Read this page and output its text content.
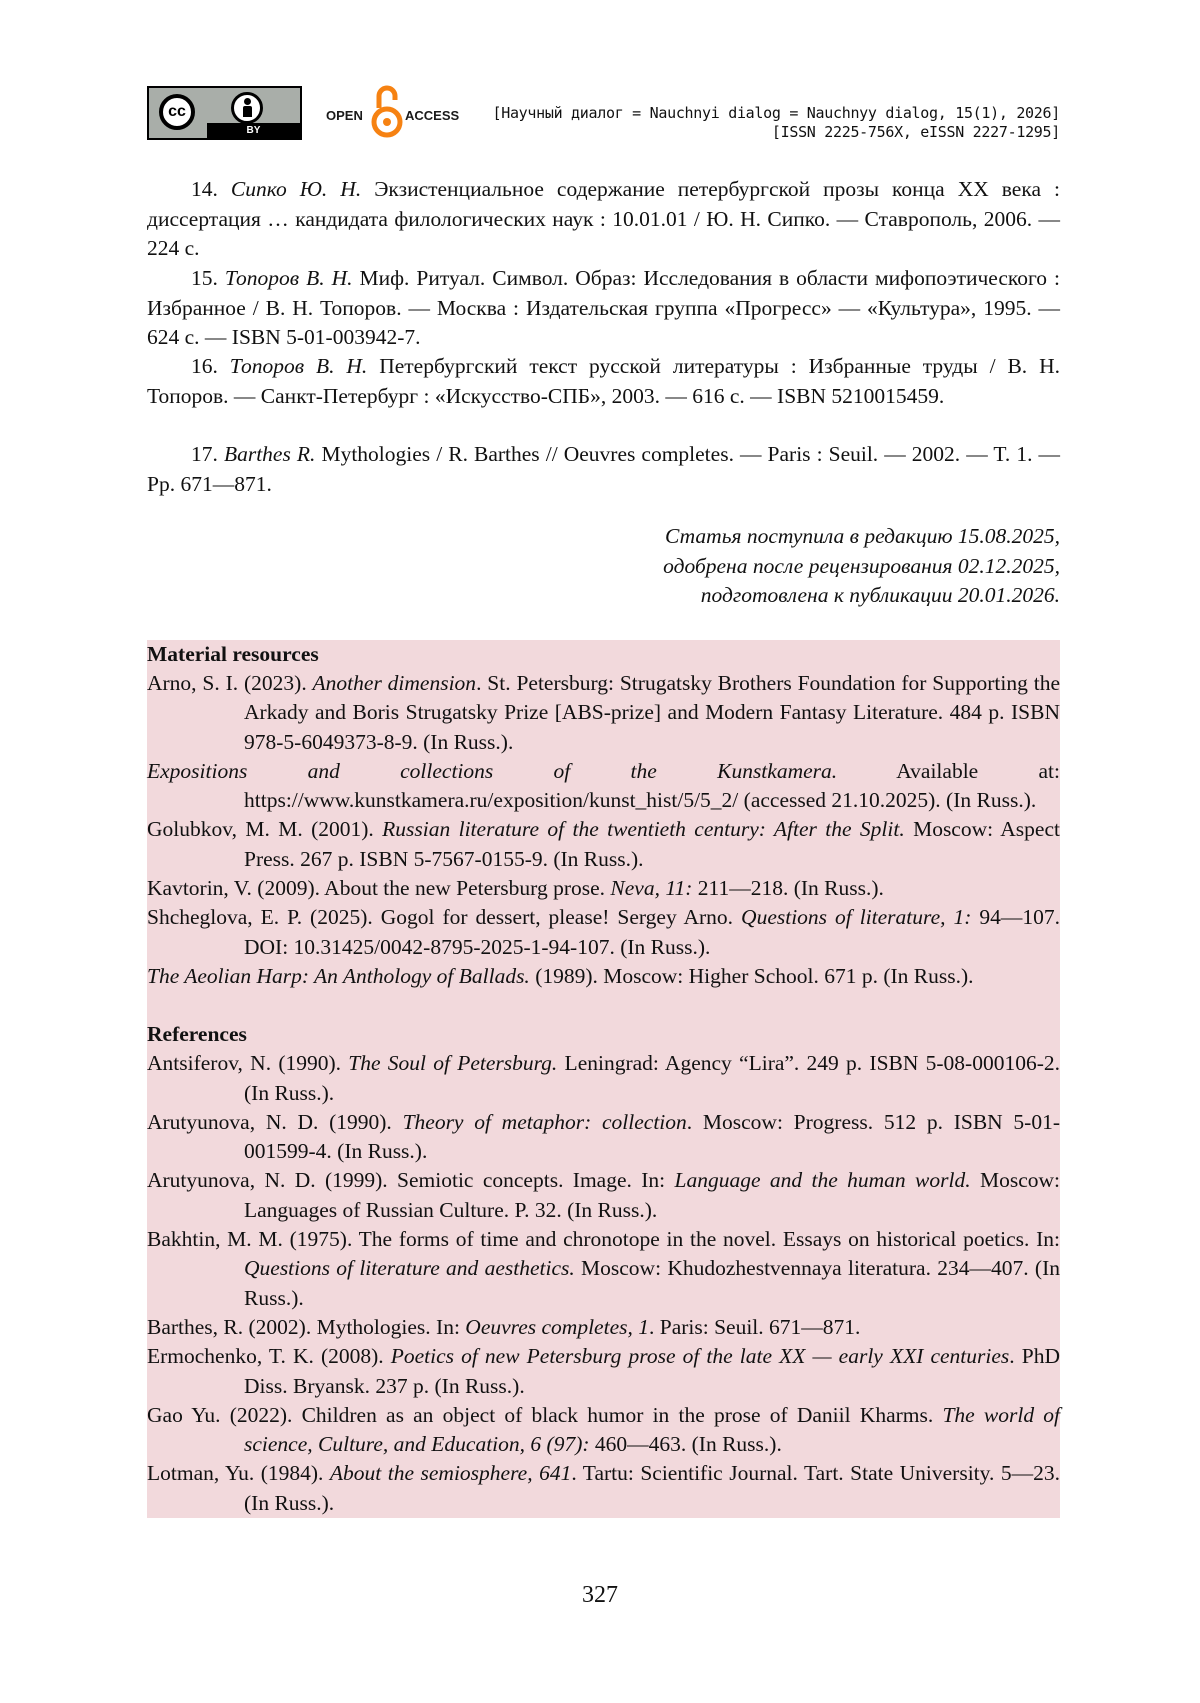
cc
BY
OPEN	ACCESS [Научный диалог = Nauchnyi dialog = Nauchnyy dialog, 15(1), 2026]
[ISSN 2225-756X, eISSN 2227-1295]
14. Сипко Ю. Н. Экзистенциальное содержание петербургской прозы конца XX века : диссертация … кандидата филологических наук : 10.01.01 / Ю. Н. Сипко. — Ставрополь, 2006. — 224 с.
15. Топоров В. Н. Миф. Ритуал. Символ. Образ: Исследования в области мифопоэтического : Избранное / В. Н. Топоров. — Москва : Издательская группа «Прогресс» — «Культура», 1995. — 624 с. — ISBN 5-01-003942-7.
16. Топоров В. Н. Петербургский текст русской литературы : Избранные труды / В. Н. Топоров. — Санкт-Петербург : «Искусство-СПБ», 2003. — 616 с. — ISBN 5210015459.
17. Barthes R. Mythologies / R. Barthes // Oeuvres completes. — Paris : Seuil. — 2002. — T. 1. — Pp. 671—871.
Статья поступила в редакцию 15.08.2025,
одобрена после рецензирования 02.12.2025,
подготовлена к публикации 20.01.2026.
Material resources
Arno, S. I. (2023). Another dimension. St. Petersburg: Strugatsky Brothers Foundation for Supporting the Arkady and Boris Strugatsky Prize [ABS-prize] and Modern Fantasy Literature. 484 p. ISBN 978-5-6049373-8-9. (In Russ.).
Expositions and collections of the Kunstkamera. Available at: https://www.kunstkamera.ru/exposition/kunst_hist/5/5_2/ (accessed 21.10.2025). (In Russ.).
Golubkov, M. M. (2001). Russian literature of the twentieth century: After the Split. Moscow: Aspect Press. 267 p. ISBN 5-7567-0155-9. (In Russ.).
Kavtorin, V. (2009). About the new Petersburg prose. Neva, 11: 211—218. (In Russ.).
Shcheglova, E. P. (2025). Gogol for dessert, please! Sergey Arno. Questions of literature, 1: 94—107. DOI: 10.31425/0042-8795-2025-1-94-107. (In Russ.).
The Aeolian Harp: An Anthology of Ballads. (1989). Moscow: Higher School. 671 p. (In Russ.).
References
Antsiferov, N. (1990). The Soul of Petersburg. Leningrad: Agency “Lira”. 249 p. ISBN 5-08-000106-2. (In Russ.).
Arutyunova, N. D. (1990). Theory of metaphor: collection. Moscow: Progress. 512 p. ISBN 5-01-001599-4. (In Russ.).
Arutyunova, N. D. (1999). Semiotic concepts. Image. In: Language and the human world. Moscow: Languages of Russian Culture. P. 32. (In Russ.).
Bakhtin, M. M. (1975). The forms of time and chronotope in the novel. Essays on historical poetics. In: Questions of literature and aesthetics. Moscow: Khudozhestvennaya literatura. 234—407. (In Russ.).
Barthes, R. (2002). Mythologies. In: Oeuvres completes, 1. Paris: Seuil. 671—871.
Ermochenko, T. K. (2008). Poetics of new Petersburg prose of the late XX — early XXI centuries. PhD Diss. Bryansk. 237 p. (In Russ.).
Gao Yu. (2022). Children as an object of black humor in the prose of Daniil Kharms. The world of science, Culture, and Education, 6 (97): 460—463. (In Russ.).
Lotman, Yu. (1984). About the semiosphere, 641. Tartu: Scientific Journal. Tart. State University. 5—23. (In Russ.).
327
